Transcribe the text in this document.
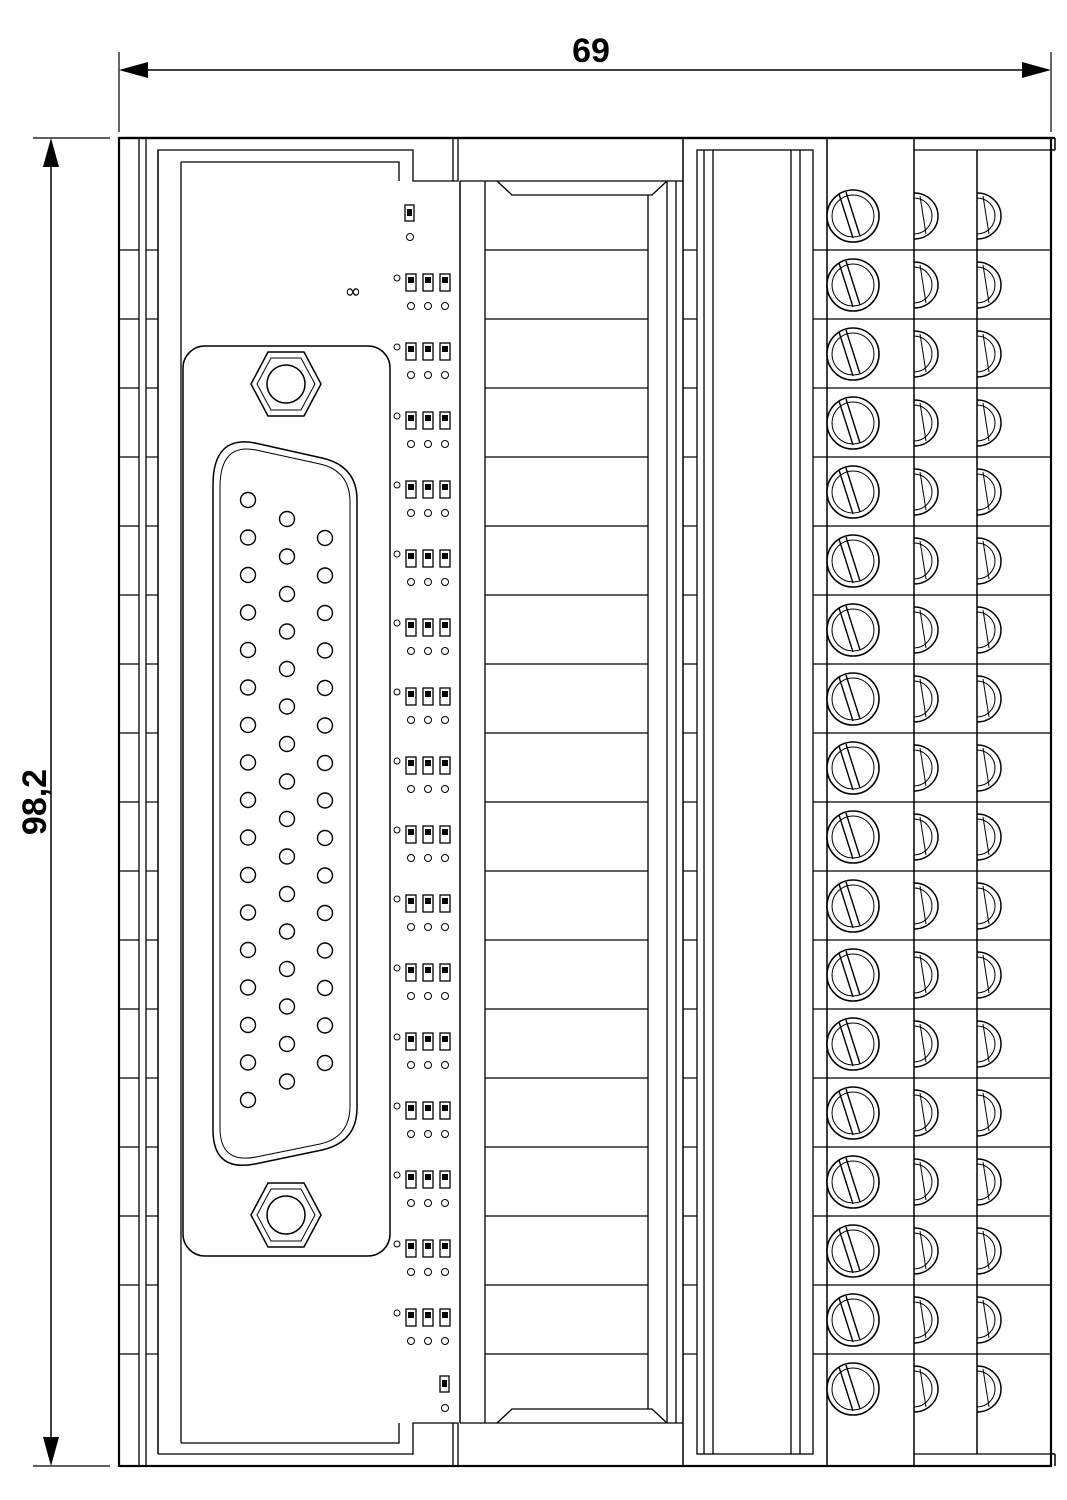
69
98,2
∞
